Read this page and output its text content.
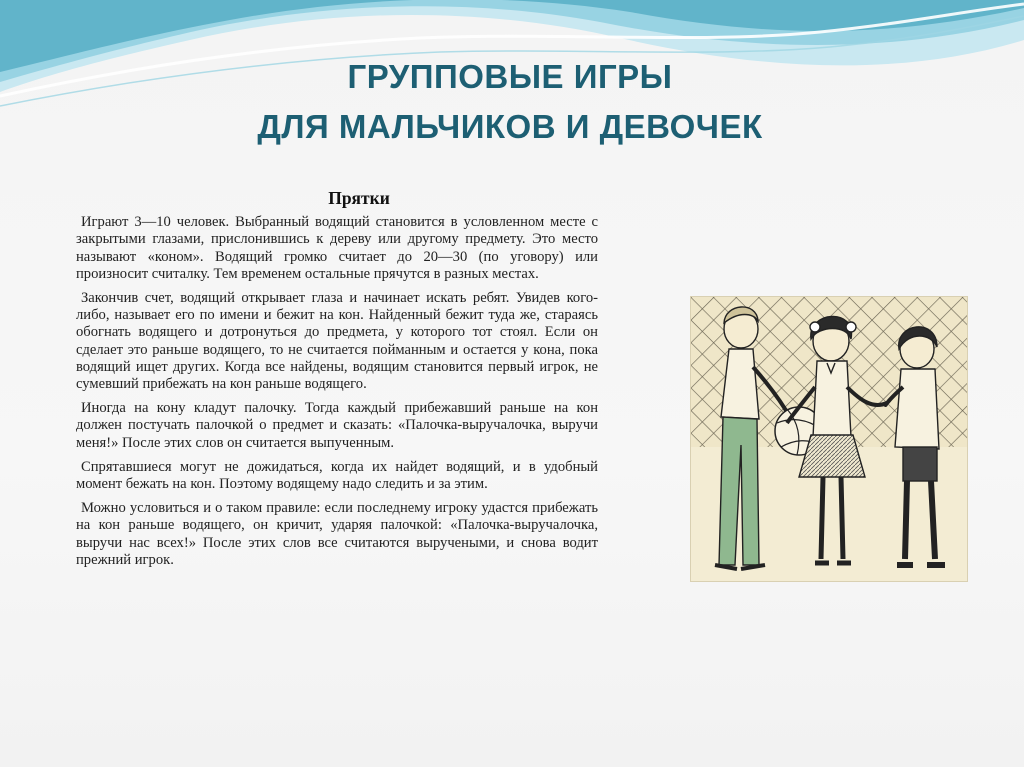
ГРУППОВЫЕ ИГРЫ
ДЛЯ МАЛЬЧИКОВ И ДЕВОЧЕК
Прятки

Играют 3—10 человек. Выбранный водящий становится в условленном месте с закрытыми глазами, прислонившись к дереву или другому предмету. Это место называют «коном». Водящий громко считает до 20—30 (по уговору) или произносит считалку. Тем временем остальные прячутся в разных местах.

Закончив счет, водящий открывает глаза и начинает искать ребят. Увидев кого-либо, называет его по имени и бежит на кон. Найденный бежит туда же, стараясь обогнать водящего и дотронуться до предмета, у которого тот стоял. Если он сделает это раньше водящего, то не считается пойманным и остается у кона, пока водящий ищет других. Когда все найдены, водящим становится первый игрок, не сумевший прибежать на кон раньше водящего.

Иногда на кону кладут палочку. Тогда каждый прибежавший раньше на кон должен постучать палочкой о предмет и сказать: «Палочка-выручалочка, выручи меня!» После этих слов он считается выпученным.

Спрятавшиеся могут не дожидаться, когда их найдет водящий, и в удобный момент бежать на кон. Поэтому водящему надо следить и за этим.

Можно условиться и о таком правиле: если последнему игроку удастся прибежать на кон раньше водящего, он кричит, ударяя палочкой: «Палочка-выручалочка, выручи нас всех!» После этих слов все считаются выручеными, и снова водит прежний игрок.
